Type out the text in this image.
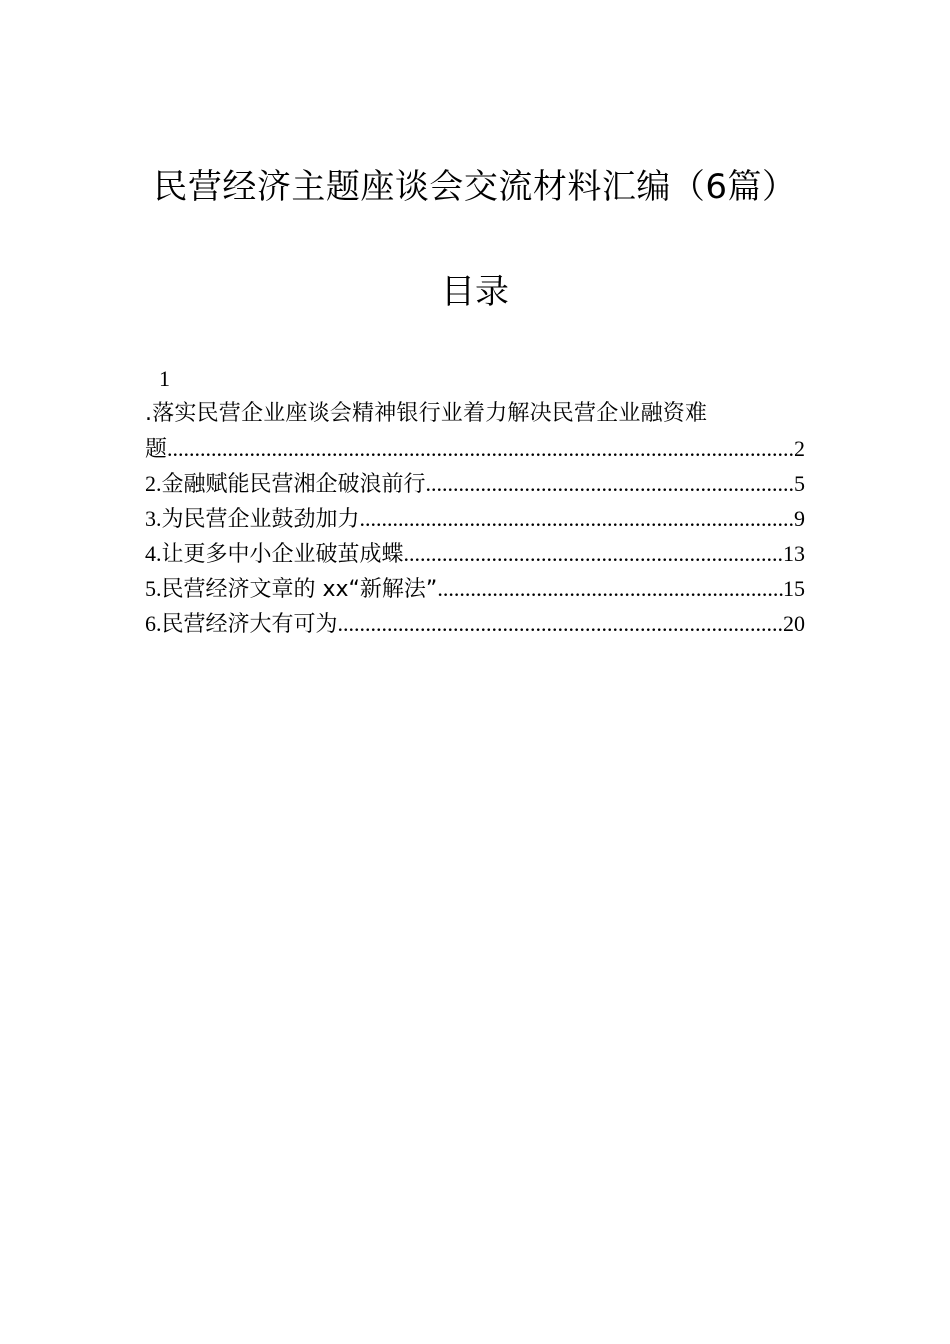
民营经济主题座谈会交流材料汇编（6篇）
目录
1
.落实民营企业座谈会精神银行业着力解决民营企业融资难
题 .....	2
2. 金融赋能民营湘企破浪前行 .....	5
3. 为民营企业鼓劲加力 .....	9
4. 让更多中小企业破茧成蝶 .....	13
5. 民营经济文章的 xx“新解法” .....	15
6. 民营经济大有可为 .....	20
